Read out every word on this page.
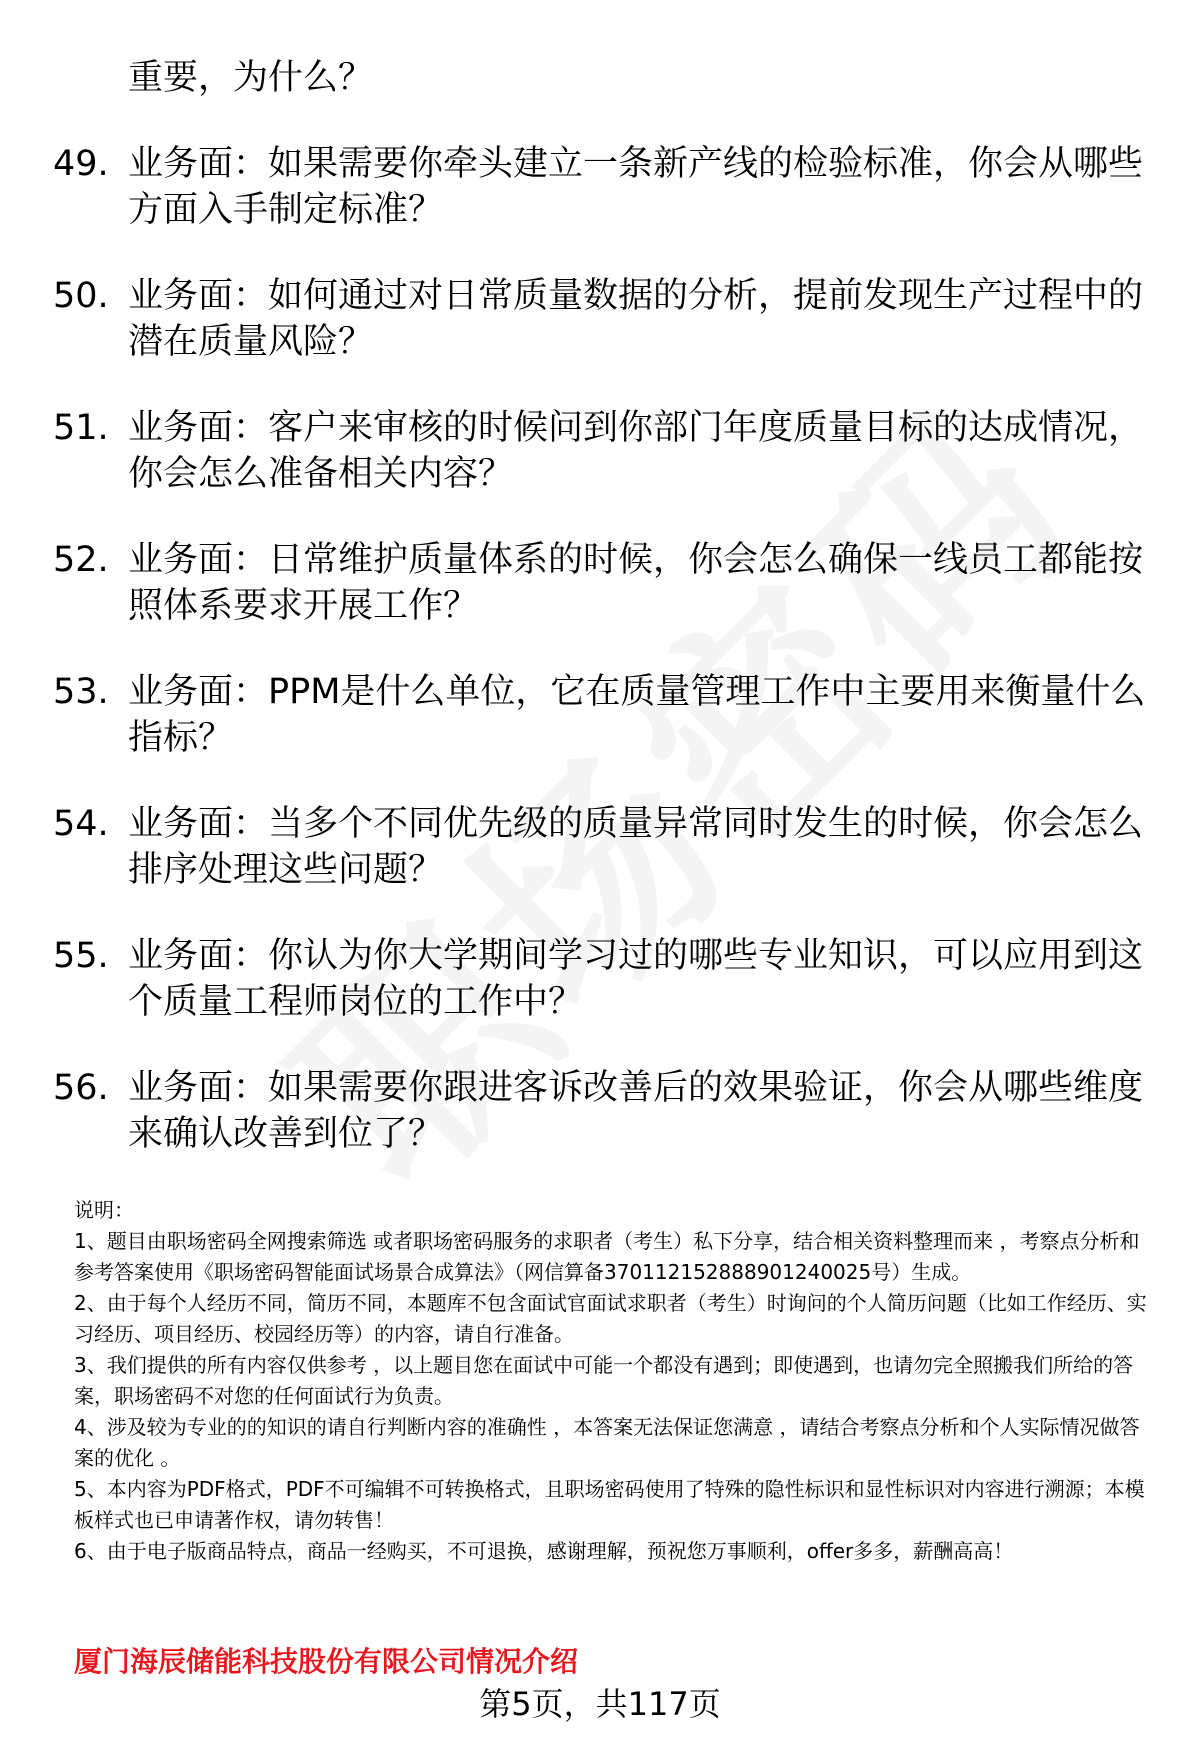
重要，为什么？
49. 业务面：如果需要你牵头建立一条新产线的检验标准，你会从哪些方面入手制定标准？
50. 业务面：如何通过对日常质量数据的分析，提前发现生产过程中的潜在质量风险？
51. 业务面：客户来审核的时候问到你部门年度质量目标的达成情况，你会怎么准备相关内容？
52. 业务面：日常维护质量体系的时候，你会怎么确保一线员工都能按照体系要求开展工作？
53. 业务面：PPM是什么单位，它在质量管理工作中主要用来衡量什么指标？
54. 业务面：当多个不同优先级的质量异常同时发生的时候，你会怎么排序处理这些问题？
55. 业务面：你认为你大学期间学习过的哪些专业知识，可以应用到这个质量工程师岗位的工作中？
56. 业务面：如果需要你跟进客诉改善后的效果验证，你会从哪些维度来确认改善到位了？

说明：

1、题目由职场密码全网搜索筛选 或者职场密码服务的求职者（考生）私下分享，结合相关资料整理而来 ，考察点分析和参考答案使用《职场密码智能面试场景合成算法》（网信算备370112152888901240025号）生成。

2、由于每个人经历不同，简历不同，本题库不包含面试官面试求职者（考生）时询问的个人简历问题（比如工作经历、实习经历、项目经历、校园经历等）的内容，请自行准备。

3、我们提供的所有内容仅供参考 ，以上题目您在面试中可能一个都没有遇到；即使遇到，也请勿完全照搬我们所给的答案，职场密码不对您的任何面试行为负责。

4、涉及较为专业的的知识的请自行判断内容的准确性 ，本答案无法保证您满意 ，请结合考察点分析和个人实际情况做答案的优化 。

5、本内容为PDF格式，PDF不可编辑不可转换格式，且职场密码使用了特殊的隐性标识和显性标识对内容进行溯源；本模板样式也已申请著作权，请勿转售！

6、由于电子版商品特点，商品一经购买，不可退换，感谢理解，预祝您万事顺利，offer多多，薪酬高高！

厦门海辰储能科技股份有限公司情况介绍
第5页，共117页
